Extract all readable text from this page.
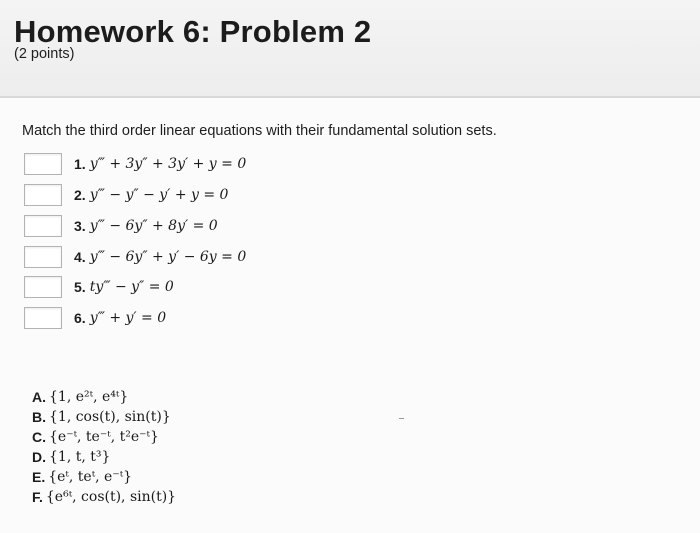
Homework 6: Problem 2
(2 points)
Match the third order linear equations with their fundamental solution sets.
1. y‴ + 3y″ + 3y′ + y = 0
2. y‴ − y″ − y′ + y = 0
3. y‴ − 6y″ + 8y′ = 0
4. y‴ − 6y″ + y′ − 6y = 0
5. ty‴ − y″ = 0
6. y‴ + y′ = 0
A. {1, e²ᵗ, e⁴ᵗ}
B. {1, cos(t), sin(t)}
C. {e⁻ᵗ, te⁻ᵗ, t²e⁻ᵗ}
D. {1, t, t³}
E. {eᵗ, teᵗ, e⁻ᵗ}
F. {e⁶ᵗ, cos(t), sin(t)}
